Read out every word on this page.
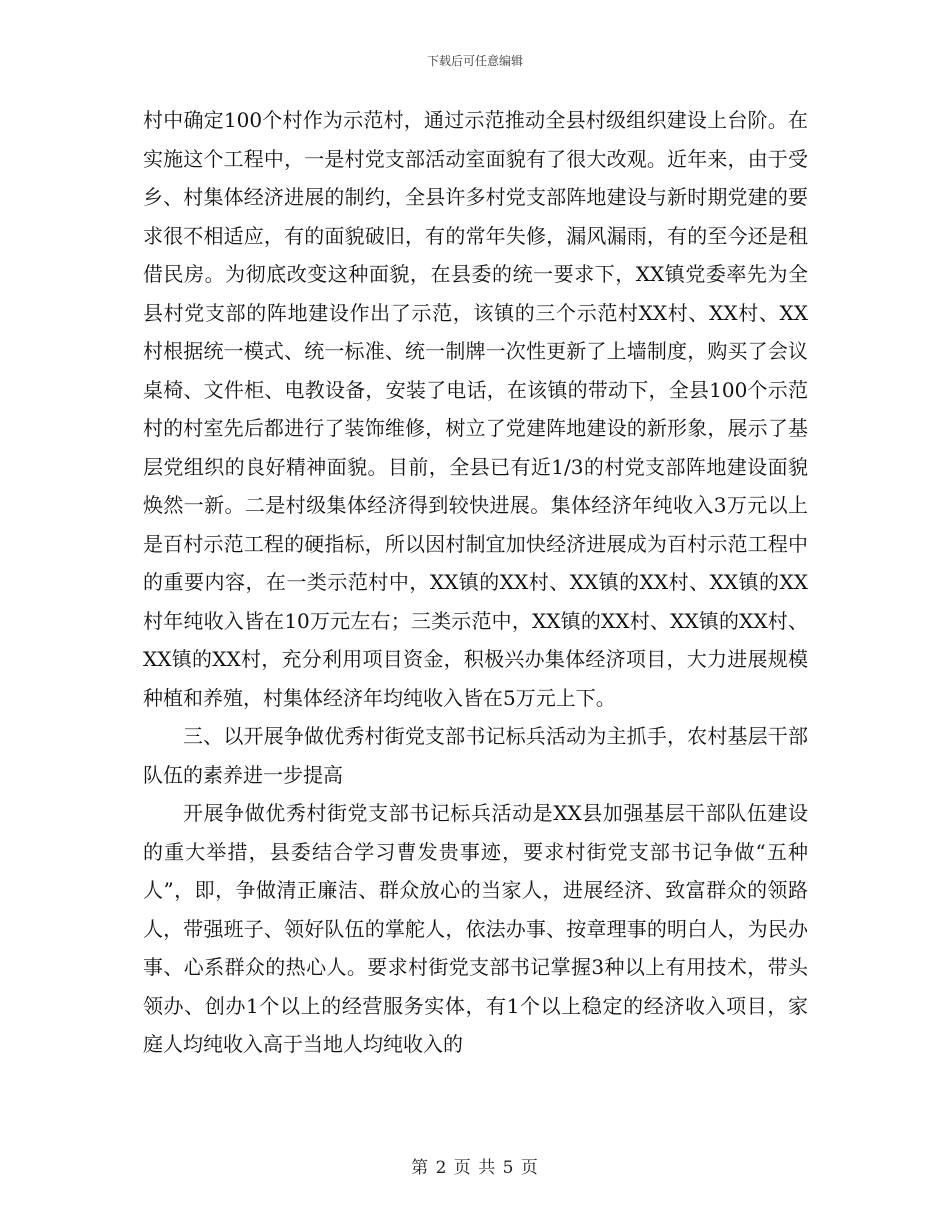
下载后可任意编辑

村中确定100个村作为示范村，通过示范推动全县村级组织建设上台阶。在实施这个工程中，一是村党支部活动室面貌有了很大改观。近年来，由于受乡、村集体经济进展的制约，全县许多村党支部阵地建设与新时期党建的要求很不相适应，有的面貌破旧，有的常年失修，漏风漏雨，有的至今还是租借民房。为彻底改变这种面貌，在县委的统一要求下，XX镇党委率先为全县村党支部的阵地建设作出了示范，该镇的三个示范村XX村、XX村、XX村根据统一模式、统一标准、统一制牌一次性更新了上墙制度，购买了会议桌椅、文件柜、电教设备，安装了电话，在该镇的带动下，全县100个示范村的村室先后都进行了装饰维修，树立了党建阵地建设的新形象，展示了基层党组织的良好精神面貌。目前，全县已有近1/3的村党支部阵地建设面貌焕然一新。二是村级集体经济得到较快进展。集体经济年纯收入3万元以上是百村示范工程的硬指标，所以因村制宜加快经济进展成为百村示范工程中的重要内容，在一类示范村中，XX镇的XX村、XX镇的XX村、XX镇的XX村年纯收入皆在10万元左右；三类示范中，XX镇的XX村、XX镇的XX村、XX镇的XX村，充分利用项目资金，积极兴办集体经济项目，大力进展规模种植和养殖，村集体经济年均纯收入皆在5万元上下。

三、以开展争做优秀村街党支部书记标兵活动为主抓手，农村基层干部队伍的素养进一步提高

开展争做优秀村街党支部书记标兵活动是XX县加强基层干部队伍建设的重大举措，县委结合学习曹发贵事迹，要求村街党支部书记争做“五种人”，即，争做清正廉洁、群众放心的当家人，进展经济、致富群众的领路人，带强班子、领好队伍的掌舵人，依法办事、按章理事的明白人，为民办事、心系群众的热心人。要求村街党支部书记掌握3种以上有用技术，带头领办、创办1个以上的经营服务实体，有1个以上稳定的经济收入项目，家庭人均纯收入高于当地人均纯收入的

第 2 页 共 5 页
